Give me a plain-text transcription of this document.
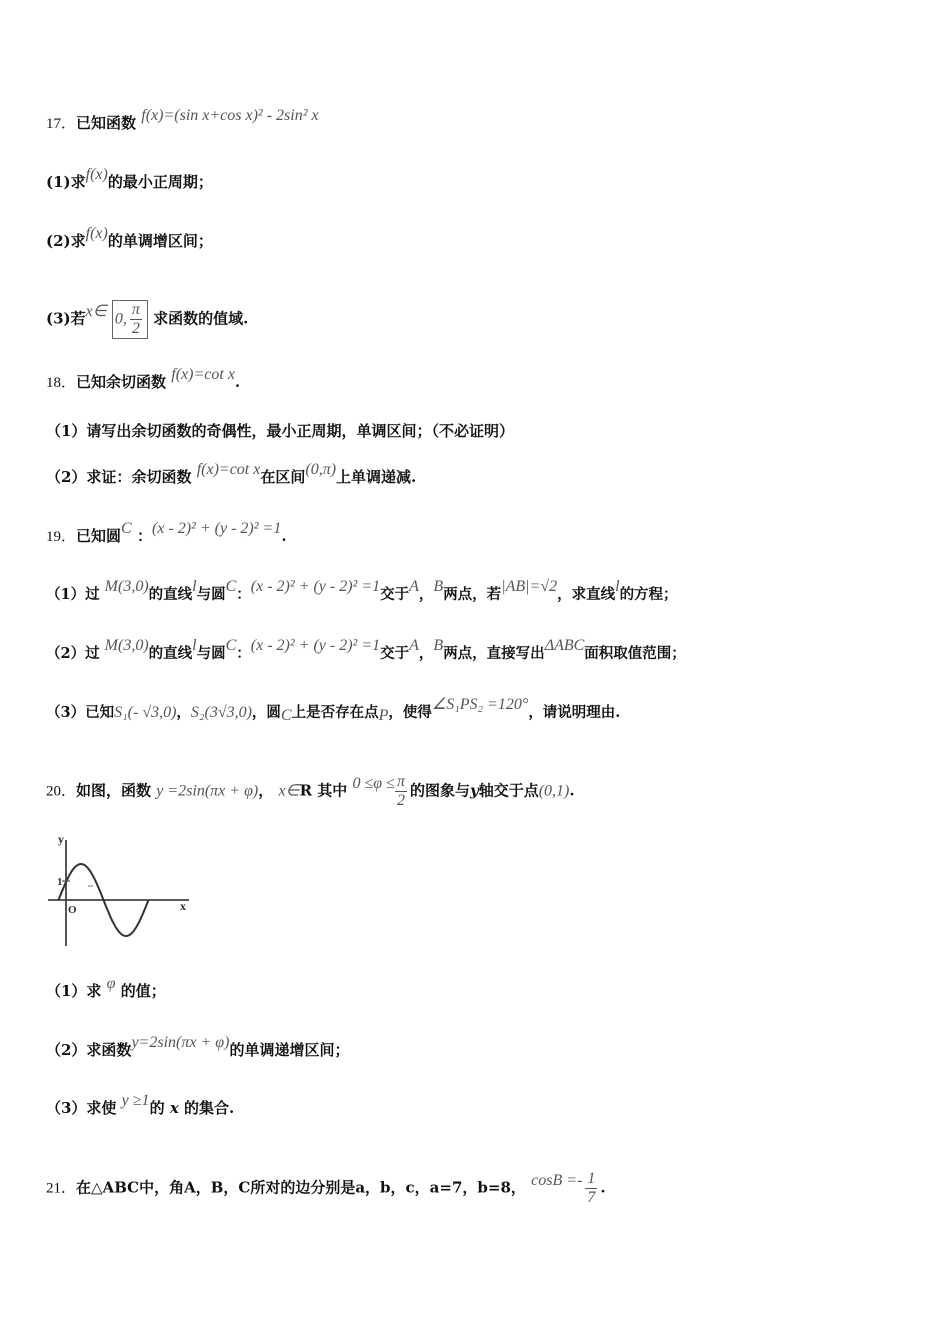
17．已知函数 f(x)=(sin x+cos x)² - 2sin² x
(1)求f(x)的最小正周期；
(2)求f(x)的单调增区间；
(3)若x∈ 0, $\frac{\pi}{2}$ 求函数的值域.
18．已知余切函数 f(x)=cot x.
（1）请写出余切函数的奇偶性，最小正周期，单调区间；（不必证明）
（2）求证：余切函数 f(x)=cot x在区间(0,π)上单调递减.
19．已知圆C ：(x - 2)² + (y - 2)² =1.
（1）过 M(3,0)的直线l与圆C：(x - 2)² + (y - 2)² =1交于A，B两点，若|AB|=√2，求直线l的方程；
（2）过 M(3,0)的直线l与圆C：(x - 2)² + (y - 2)² =1交于A，B两点，直接写出ΔABC面积取值范围；
（3）已知S₁(- √3,0)，S₂(3√3,0)，圆C上是否存在点P，使得∠S₁PS₂ =120°，请说明理由.
20．如图，函数 y =2sin(πx + φ)， x∈R 其中 $0 \le\varphi \le \frac{\pi}{2}$ 的图象与y轴交于点(0,1).
y
x
O
1
（1）求 φ 的值；
（2）求函数y=2sin(πx + φ)的单调递增区间；
（3）求使 y ≥1的 x 的集合.
21．在△ABC中，角A，B，C所对的边分别是a，b，c，a=7，b=8， $\cos B =- \frac{1}{7}$ .
